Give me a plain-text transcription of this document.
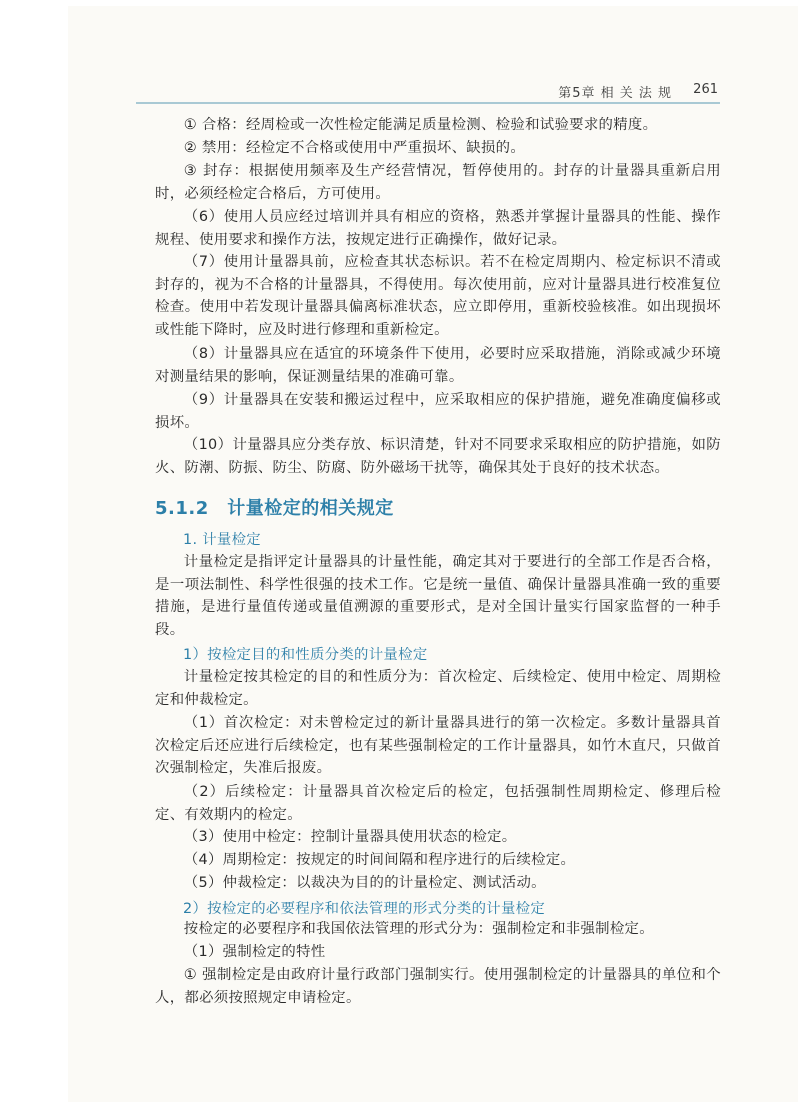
第5章 相 关 法 规 261

① 合格：经周检或一次性检定能满足质量检测、检验和试验要求的精度。

② 禁用：经检定不合格或使用中严重损坏、缺损的。

③ 封存：根据使用频率及生产经营情况，暂停使用的。封存的计量器具重新启用时，必须经检定合格后，方可使用。

（6）使用人员应经过培训并具有相应的资格，熟悉并掌握计量器具的性能、操作规程、使用要求和操作方法，按规定进行正确操作，做好记录。

（7）使用计量器具前，应检查其状态标识。若不在检定周期内、检定标识不清或封存的，视为不合格的计量器具，不得使用。每次使用前，应对计量器具进行校准复位检查。使用中若发现计量器具偏离标准状态，应立即停用，重新校验核准。如出现损坏或性能下降时，应及时进行修理和重新检定。

（8）计量器具应在适宜的环境条件下使用，必要时应采取措施，消除或减少环境对测量结果的影响，保证测量结果的准确可靠。

（9）计量器具在安装和搬运过程中，应采取相应的保护措施，避免准确度偏移或损坏。

（10）计量器具应分类存放、标识清楚，针对不同要求采取相应的防护措施，如防火、防潮、防振、防尘、防腐、防外磁场干扰等，确保其处于良好的技术状态。

5.1.2　计量检定的相关规定
1. 计量检定

计量检定是指评定计量器具的计量性能，确定其对于要进行的全部工作是否合格，是一项法制性、科学性很强的技术工作。它是统一量值、确保计量器具准确一致的重要措施，是进行量值传递或量值溯源的重要形式，是对全国计量实行国家监督的一种手段。

1）按检定目的和性质分类的计量检定

计量检定按其检定的目的和性质分为：首次检定、后续检定、使用中检定、周期检定和仲裁检定。

（1）首次检定：对未曾检定过的新计量器具进行的第一次检定。多数计量器具首次检定后还应进行后续检定，也有某些强制检定的工作计量器具，如竹木直尺，只做首次强制检定，失准后报废。

（2）后续检定：计量器具首次检定后的检定，包括强制性周期检定、修理后检定、有效期内的检定。

（3）使用中检定：控制计量器具使用状态的检定。

（4）周期检定：按规定的时间间隔和程序进行的后续检定。

（5）仲裁检定：以裁决为目的的计量检定、测试活动。

2）按检定的必要程序和依法管理的形式分类的计量检定

按检定的必要程序和我国依法管理的形式分为：强制检定和非强制检定。

（1）强制检定的特性

① 强制检定是由政府计量行政部门强制实行。使用强制检定的计量器具的单位和个人，都必须按照规定申请检定。
